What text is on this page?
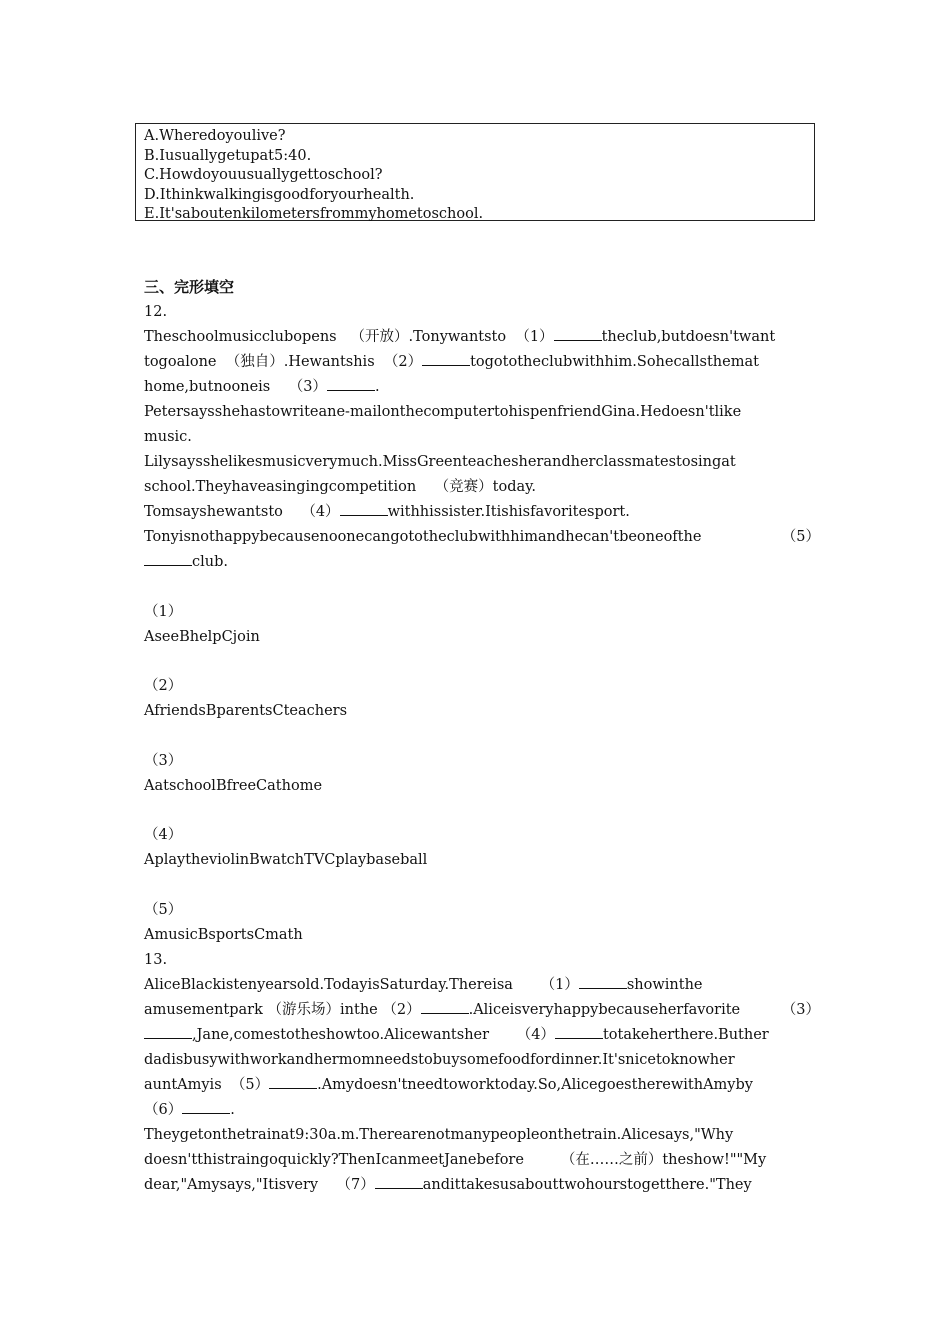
A.Wheredoyoulive?
B.Iusuallygetupat5:40.
C.Howdoyouusuallygettoschool?
D.Ithinkwalkingisgoodforyourhealth.
E.It'saboutenkilometersfrommyhometoschool.
三、完形填空
12.
Theschoolmusicclubopens （开放）.Tonywantsto （1）	theclub,butdoesn'twant
togoalone （独自）.Hewantshis （2）	togototheclubwithhim.Sohecallsthemat
home,butnooneis （3）	.
Petersaysshehastowriteane-mailonthecomputertohispenfriendGina.Hedoesn'tlike
music.
Lilysaysshelikesmusicverymuch.MissGreenteachesherandherclassmatestosingat
school.Theyhaveasingingcompetition （竞赛）today.
Tomsayshewantsto （4）	withhissister.Itishisfavoritesport.
Tonyisnothappybecausenoonecangototheclubwithhimandhecan'tbeoneofthe	（5）
club.
（1）
AseeBhelpCjoin
（2）
AfriendsBparentsCteachers
（3）
AatschoolBfreeCathome
（4）
AplaytheviolinBwatchTVCplaybaseball
（5）
AmusicBsportsCmath
13.
AliceBlackistenyearsold.TodayisSaturday.Thereisa （1）	showinthe
amusementpark （游乐场）inthe （2）	.Aliceisveryhappybecauseherfavorite	（3）
,Jane,comestotheshowtoo.Alicewantsher （4）	totakeherthere.Buther
dadisbusywithworkandhermomneedstobuysomefoodfordinner.It'snicetoknowher
auntAmyis （5）	.Amydoesn'tneedtoworktoday.So,AlicegoestherewithAmyby
（6）	.
Theygetonthetrainat9:30a.m.Therearenotmanypeopleonthetrain.Alicesays,"Why
doesn'tthistraingoquickly?ThenIcanmeetJanebefore	（在……之前）theshow!""My
dear,"Amysays,"Itisvery （7）	andittakesusabouttwohourstogetthere."They
